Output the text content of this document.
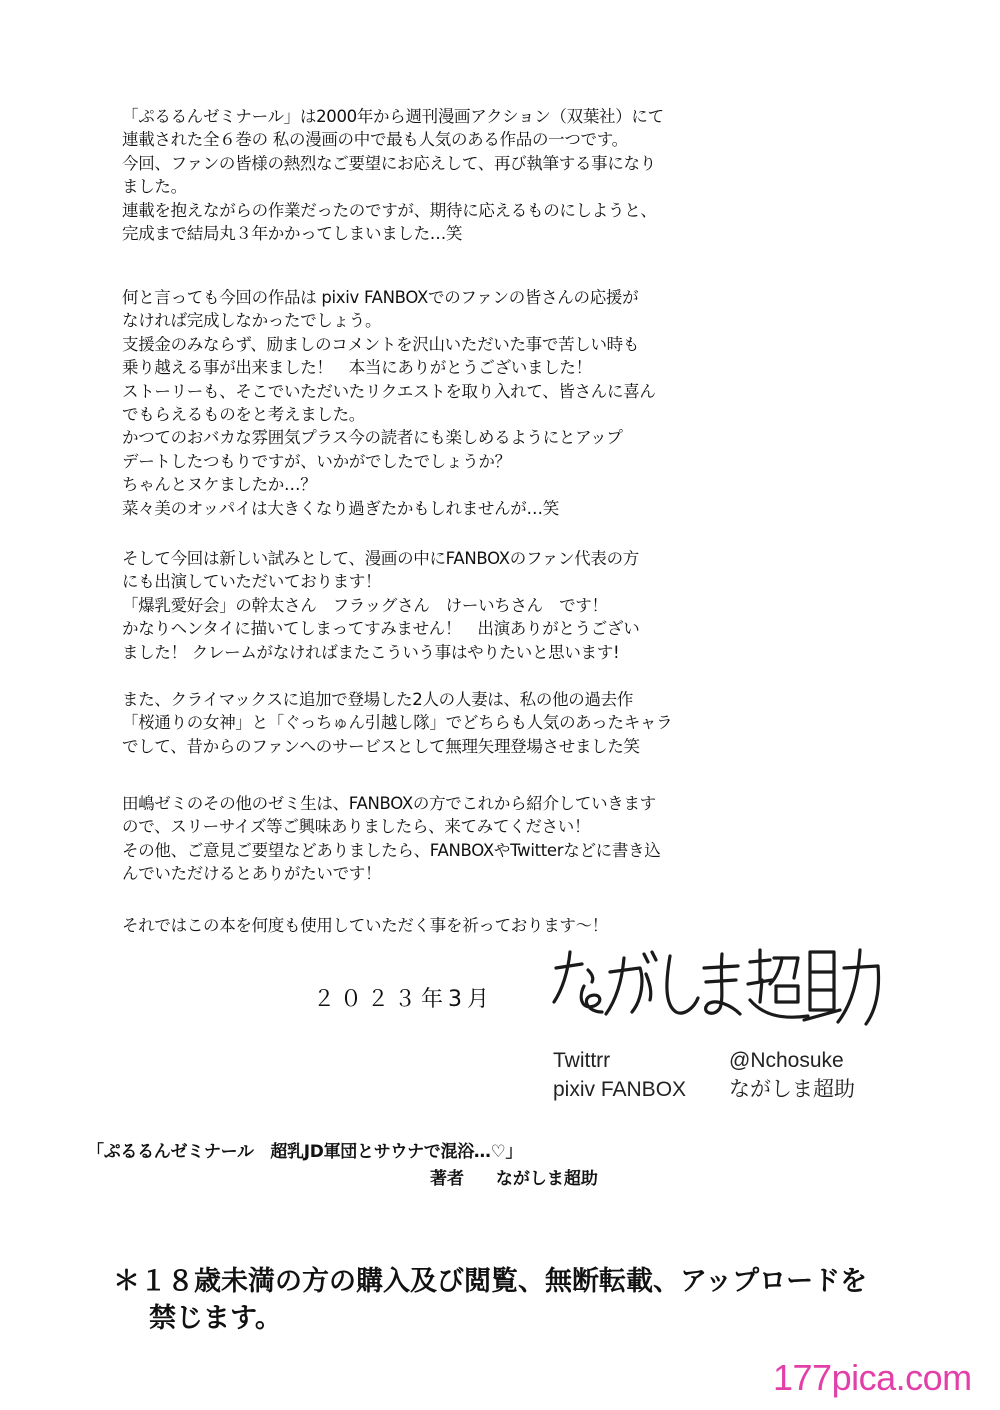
「ぷるるんゼミナール」は2000年から週刊漫画アクション（双葉社）にて
連載された全６巻の 私の漫画の中で最も人気のある作品の一つです。
今回、ファンの皆様の熱烈なご要望にお応えして、再び執筆する事になり
ました。
連載を抱えながらの作業だったのですが、期待に応えるものにしようと、
完成まで結局丸３年かかってしまいました…笑
何と言っても今回の作品は pixiv FANBOXでのファンの皆さんの応援が
なければ完成しなかったでしょう。
支援金のみならず、励ましのコメントを沢山いただいた事で苦しい時も
乗り越える事が出来ました！　本当にありがとうございました！
ストーリーも、そこでいただいたリクエストを取り入れて、皆さんに喜ん
でもらえるものをと考えました。
かつてのおバカな雰囲気プラス今の読者にも楽しめるようにとアップ
デートしたつもりですが、いかがでしたでしょうか？
ちゃんとヌケましたか…？
菜々美のオッパイは大きくなり過ぎたかもしれませんが…笑
そして今回は新しい試みとして、漫画の中にFANBOXのファン代表の方
にも出演していただいております！
「爆乳愛好会」の幹太さん　フラッグさん　けーいちさん　です！
かなりヘンタイに描いてしまってすみません！　出演ありがとうござい
ました！ クレームがなければまたこういう事はやりたいと思います!
また、クライマックスに追加で登場した2人の人妻は、私の他の過去作
「桜通りの女神」と「ぐっちゅん引越し隊」でどちらも人気のあったキャラ
でして、昔からのファンへのサービスとして無理矢理登場させました笑
田嶋ゼミのその他のゼミ生は、FANBOXの方でこれから紹介していきます
ので、スリーサイズ等ご興味ありましたら、来てみてください！
その他、ご意見ご要望などありましたら、FANBOXやTwitterなどに書き込
んでいただけるとありがたいです！
それではこの本を何度も使用していただく事を祈っております〜！
２０２３年3月
Twittrr	@Nchosuke
pixiv FANBOX ながしま超助
「ぷるるんゼミナール　超乳JD軍団とサウナで混浴…♡」
著者 ながしま超助
＊１８歳未満の方の購入及び閲覧、無断転載、アップロードを
禁じます。
177pica.com
